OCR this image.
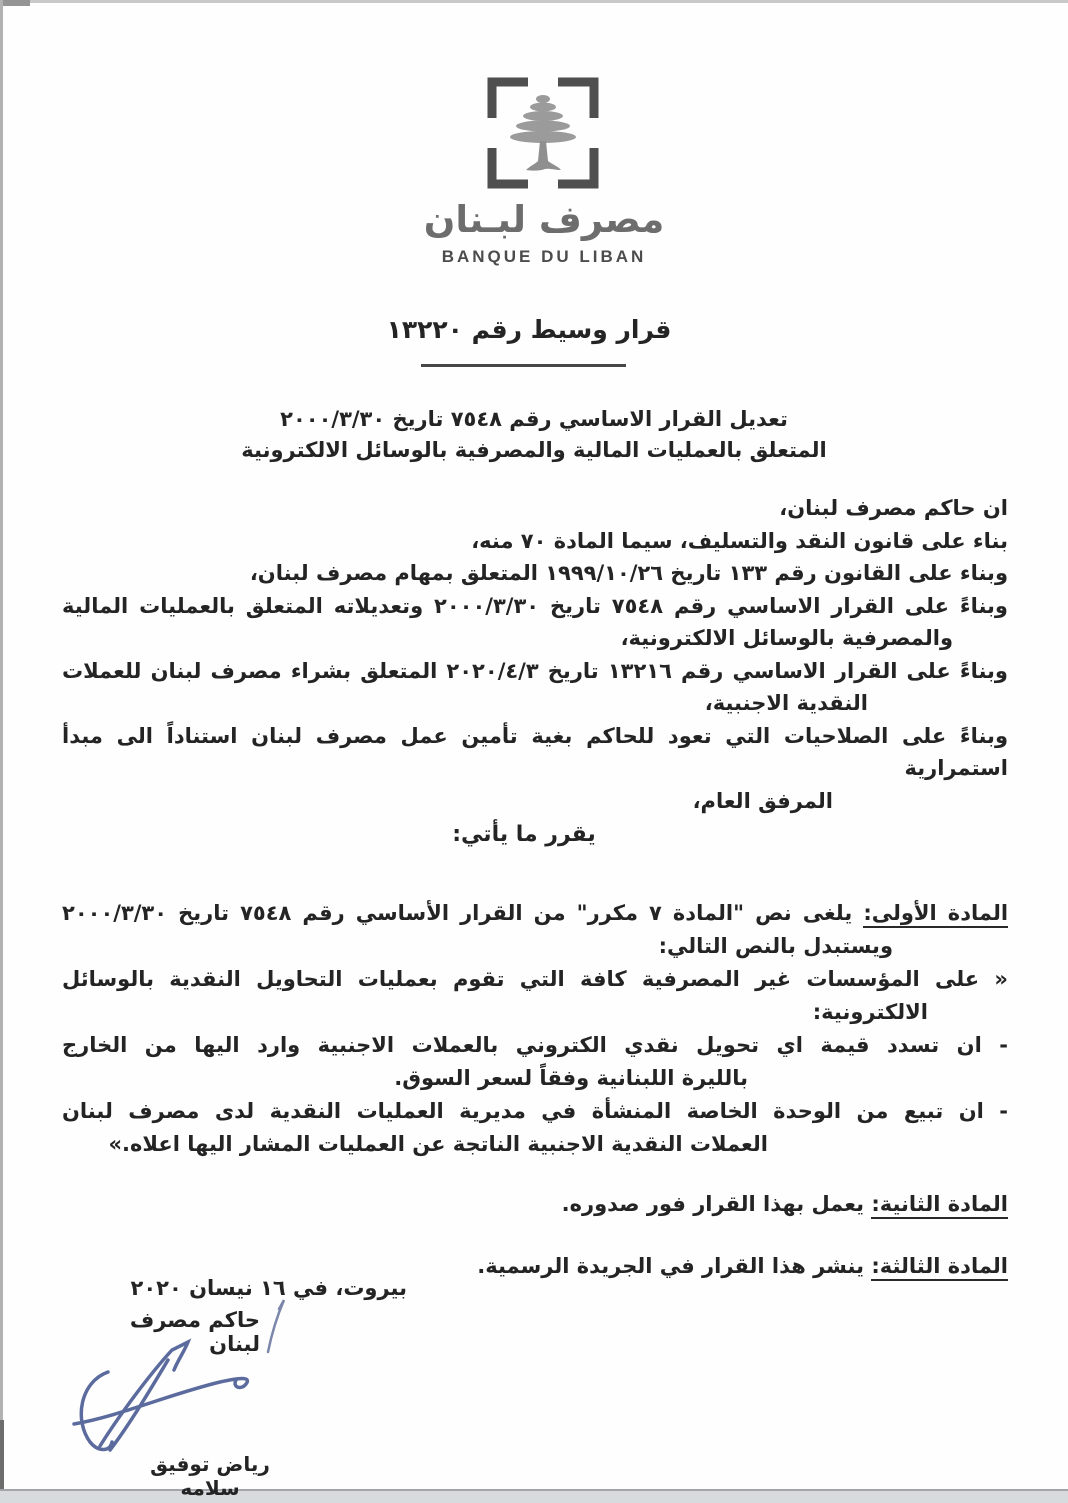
مصرف لبـنان
BANQUE DU LIBAN
قرار وسيط رقم ١٣٢٢٠
تعديل القرار الاساسي رقم ٧٥٤٨ تاريخ ٢٠٠٠/٣/٣٠
المتعلق بالعمليات المالية والمصرفية بالوسائل الالكترونية
ان حاكم مصرف لبنان،
بناء على قانون النقد والتسليف، سيما المادة ٧٠ منه،
وبناء على القانون رقم ١٣٣ تاريخ ١٩٩٩/١٠/٢٦ المتعلق بمهام مصرف لبنان،
وبناءً على القرار الاساسي رقم ٧٥٤٨ تاريخ ٢٠٠٠/٣/٣٠ وتعديلاته المتعلق بالعمليات المالية
والمصرفية بالوسائل الالكترونية،
وبناءً على القرار الاساسي رقم ١٣٢١٦ تاريخ ٢٠٢٠/٤/٣ المتعلق بشراء مصرف لبنان للعملات
النقدية الاجنبية،
وبناءً على الصلاحيات التي تعود للحاكم بغية تأمين عمل مصرف لبنان استناداً الى مبدأ استمرارية
المرفق العام،
يقرر ما يأتي:
المادة الأولى: يلغى نص "المادة ٧ مكرر" من القرار الأساسي رقم ٧٥٤٨ تاريخ ٢٠٠٠/٣/٣٠
ويستبدل بالنص التالي:
« على المؤسسات غير المصرفية كافة التي تقوم بعمليات التحاويل النقدية بالوسائل
الالكترونية:
- ان تسدد قيمة اي تحويل نقدي الكتروني بالعملات الاجنبية وارد اليها من الخارج
بالليرة اللبنانية وفقاً لسعر السوق.
- ان تبيع من الوحدة الخاصة المنشأة في مديرية العمليات النقدية لدى مصرف لبنان
العملات النقدية الاجنبية الناتجة عن العمليات المشار اليها اعلاه.»
المادة الثانية: يعمل بهذا القرار فور صدوره.
المادة الثالثة: ينشر هذا القرار في الجريدة الرسمية.
بيروت، في ١٦ نيسان ٢٠٢٠
حاكم مصرف لبنان
رياض توفيق سلامه
